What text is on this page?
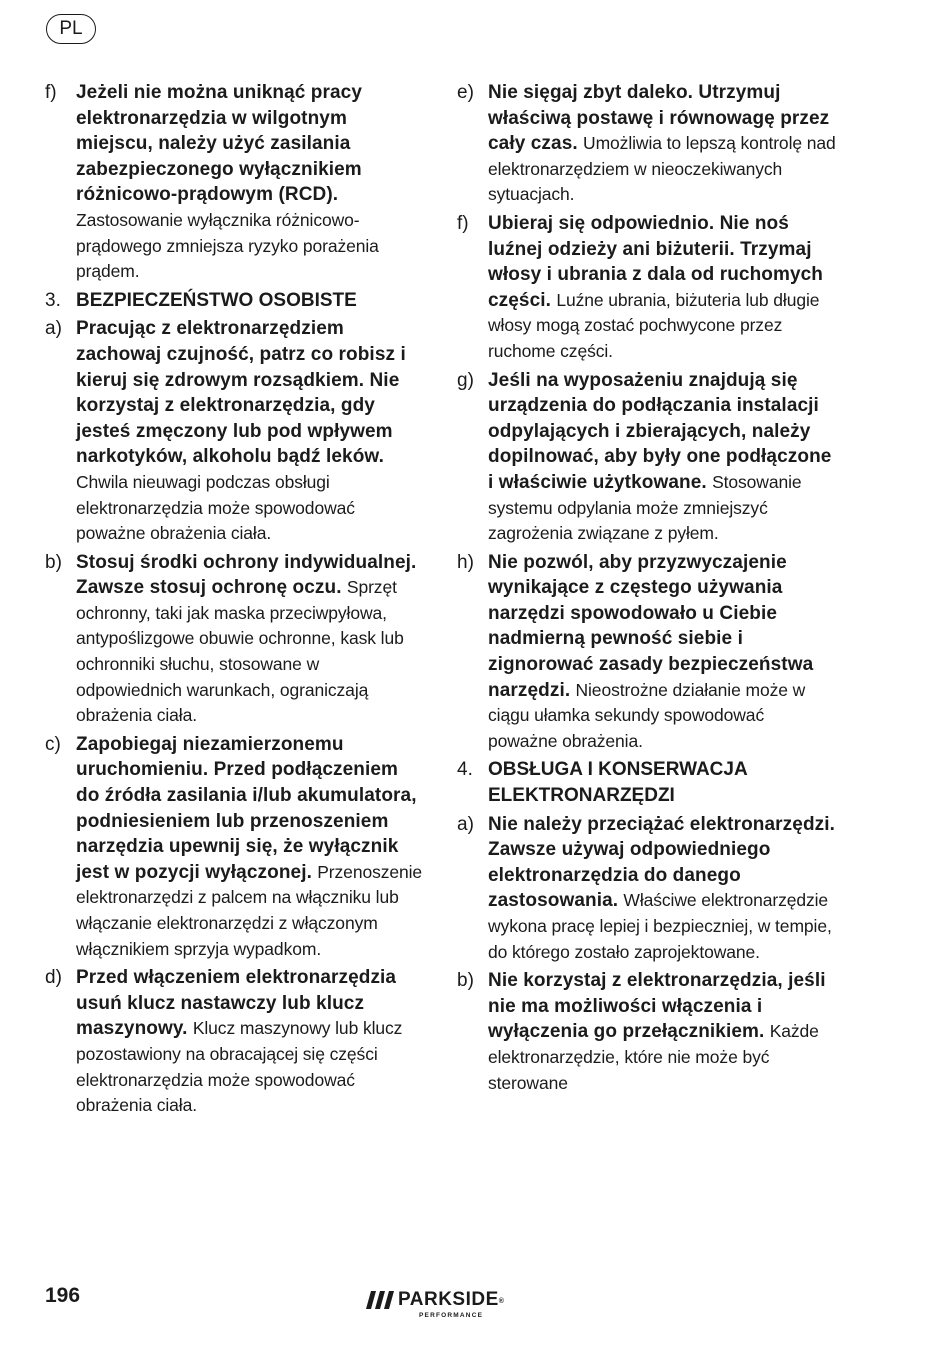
PL
f) Jeżeli nie można uniknąć pracy elektronarzędzia w wilgotnym miejscu, należy użyć zasilania zabezpieczonego wyłącznikiem różnicowo-prądowym (RCD). Zastosowanie wyłącznika różnicowo-prądowego zmniejsza ryzyko porażenia prądem.
3. BEZPIECZEŃSTWO OSOBISTE
a) Pracując z elektronarzędziem zachowaj czujność, patrz co robisz i kieruj się zdrowym rozsądkiem. Nie korzystaj z elektronarzędzia, gdy jesteś zmęczony lub pod wpływem narkotyków, alkoholu bądź leków. Chwila nieuwagi podczas obsługi elektronarzędzia może spowodować poważne obrażenia ciała.
b) Stosuj środki ochrony indywidualnej. Zawsze stosuj ochronę oczu. Sprzęt ochronny, taki jak maska przeciwpyłowa, antypoślizgowe obuwie ochronne, kask lub ochronniki słuchu, stosowane w odpowiednich warunkach, ograniczają obrażenia ciała.
c) Zapobiegaj niezamierzonemu uruchomieniu. Przed podłączeniem do źródła zasilania i/lub akumulatora, podniesieniem lub przenoszeniem narzędzia upewnij się, że wyłącznik jest w pozycji wyłączonej. Przenoszenie elektronarzędzi z palcem na włączniku lub włączanie elektronarzędzi z włączonym włącznikiem sprzyja wypadkom.
d) Przed włączeniem elektronarzędzia usuń klucz nastawczy lub klucz maszynowy. Klucz maszynowy lub klucz pozostawiony na obracającej się części elektronarzędzia może spowodować obrażenia ciała.
e) Nie sięgaj zbyt daleko. Utrzymuj właściwą postawę i równowagę przez cały czas. Umożliwia to lepszą kontrolę nad elektronarzędziem w nieoczekiwanych sytuacjach.
f) Ubieraj się odpowiednio. Nie noś luźnej odzieży ani biżuterii. Trzymaj włosy i ubrania z dala od ruchomych części. Luźne ubrania, biżuteria lub długie włosy mogą zostać pochwycone przez ruchome części.
g) Jeśli na wyposażeniu znajdują się urządzenia do podłączania instalacji odpylających i zbierających, należy dopilnować, aby były one podłączone i właściwie użytkowane. Stosowanie systemu odpylania może zmniejszyć zagrożenia związane z pyłem.
h) Nie pozwól, aby przyzwyczajenie wynikające z częstego używania narzędzi spowodowało u Ciebie nadmierną pewność siebie i zignorować zasady bezpieczeństwa narzędzi. Nieostrożne działanie może w ciągu ułamka sekundy spowodować poważne obrażenia.
4. OBSŁUGA I KONSERWACJA ELEKTRONARZĘDZI
a) Nie należy przeciążać elektronarzędzi. Zawsze używaj odpowiedniego elektronarzędzia do danego zastosowania. Właściwe elektronarzędzie wykona pracę lepiej i bezpieczniej, w tempie, do którego zostało zaprojektowane.
b) Nie korzystaj z elektronarzędzia, jeśli nie ma możliwości włączenia i wyłączenia go przełącznikiem. Każde elektronarzędzie, które nie może być sterowane
196	PARKSIDE®
PERFORMANCE
